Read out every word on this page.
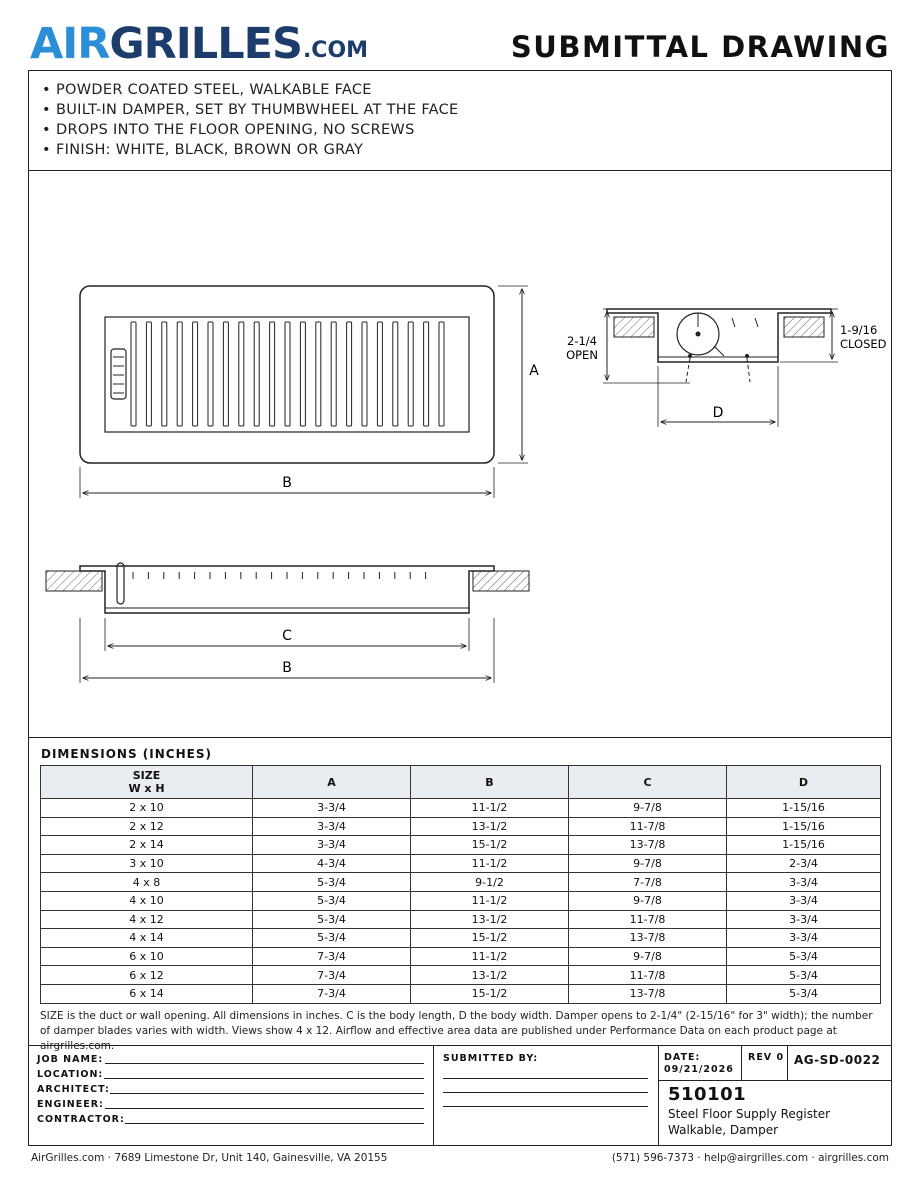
AIR GRILL ES .COM	SUBMITTAL DRAWING
• POWDER COATED STEEL, WALKABLE FACE
• BUILT-IN DAMPER, SET BY THUMBWHEEL AT THE FACE
• DROPS INTO THE FLOOR OPENING, NO SCREWS
• FINISH: WHITE, BLACK, BROWN OR GRAY
A
B
C
B
2-1/4
OPEN
1-9/16
CLOSED
D
DIMENSIONS (INCHES)
SIZE
W x H	A	B	C	D
2 x 10	3-3/4	11-1/2	9-7/8	1-15/16
2 x 12	3-3/4	13-1/2	11-7/8	1-15/16
2 x 14	3-3/4	15-1/2	13-7/8	1-15/16
3 x 10	4-3/4	11-1/2	9-7/8	2-3/4
4 x 8	5-3/4	9-1/2	7-7/8	3-3/4
4 x 10	5-3/4	11-1/2	9-7/8	3-3/4
4 x 12	5-3/4	13-1/2	11-7/8	3-3/4
4 x 14	5-3/4	15-1/2	13-7/8	3-3/4
6 x 10	7-3/4	11-1/2	9-7/8	5-3/4
6 x 12	7-3/4	13-1/2	11-7/8	5-3/4
6 x 14	7-3/4	15-1/2	13-7/8	5-3/4
SIZE is the duct or wall opening. All dimensions in inches. C is the body length, D the body width. Damper opens to 2-1/4" (2-15/16" for 3" width); the number of damper blades varies with width. Views show 4 x 12. Airflow and effective area data are published under Performance Data on each product page at airgrilles.com.
JOB NAME:
LOCATION:
ARCHITECT:
ENGINEER:
CONTRACTOR:
SUBMITTED BY:	DATE:
09/21/2026
REV 0 AG-SD-0022
510101
Steel Floor Supply Register
Walkable, Damper
AirGrilles.com · 7689 Limestone Dr, Unit 140, Gainesville, VA 20155	(571) 596-7373 · help@airgrilles.com · airgrilles.com
